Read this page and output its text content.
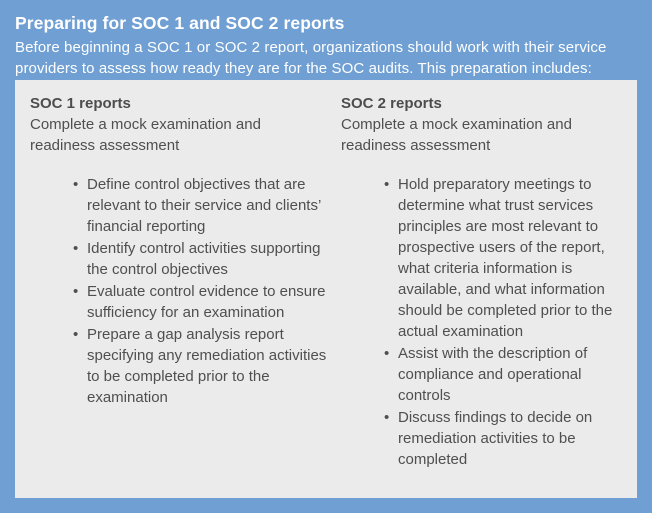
Preparing for SOC 1 and SOC 2 reports
Before beginning a SOC 1 or SOC 2 report, organizations should work with their service providers to assess how ready they are for the SOC audits. This preparation includes:
SOC 1 reports
Complete a mock examination and readiness assessment
• Define control objectives that are relevant to their service and clients’ financial reporting
• Identify control activities supporting the control objectives
• Evaluate control evidence to ensure sufficiency for an examination
• Prepare a gap analysis report specifying any remediation activities to be completed prior to the examination
SOC 2 reports
Complete a mock examination and readiness assessment
• Hold preparatory meetings to determine what trust services principles are most relevant to prospective users of the report, what criteria information is available, and what information should be completed prior to the actual examination
• Assist with the description of compliance and operational controls
• Discuss findings to decide on remediation activities to be completed
